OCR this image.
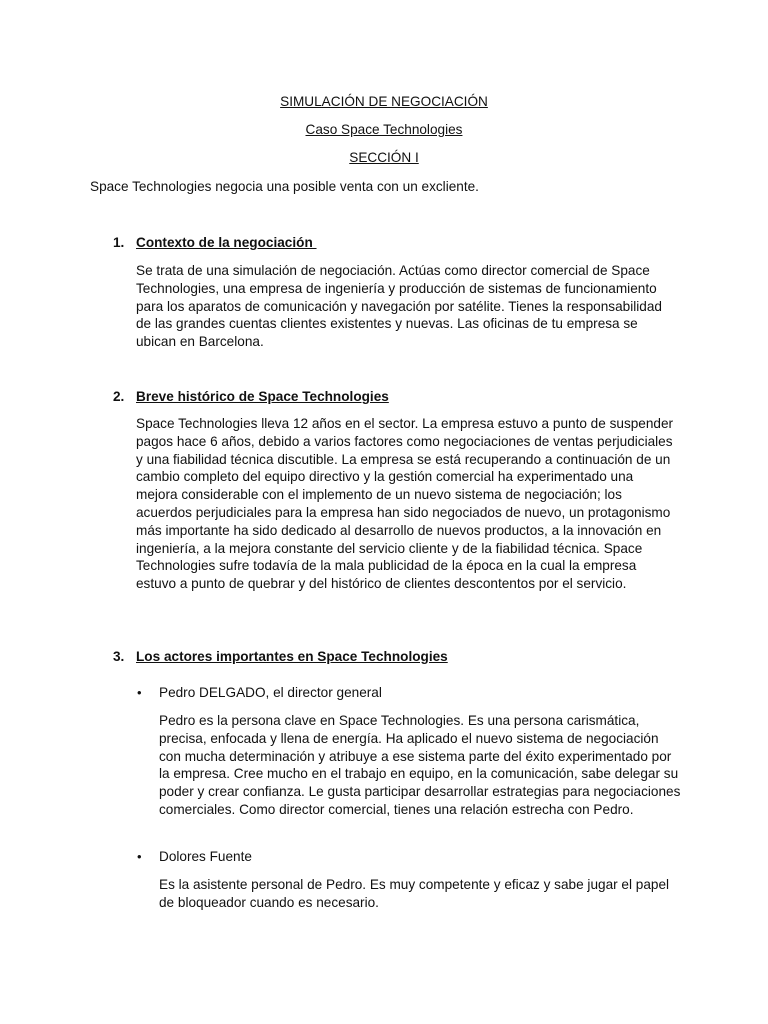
SIMULACIÓN DE NEGOCIACIÓN
Caso Space Technologies
SECCIÓN I
Space Technologies negocia una posible venta con un excliente.
1. Contexto de la negociación
Se trata de una simulación de negociación. Actúas como director comercial de Space Technologies, una empresa de ingeniería y producción de sistemas de funcionamiento para los aparatos de comunicación y navegación por satélite. Tienes la responsabilidad de las grandes cuentas clientes existentes y nuevas. Las oficinas de tu empresa se ubican en Barcelona.
2. Breve histórico de Space Technologies
Space Technologies lleva 12 años en el sector. La empresa estuvo a punto de suspender pagos hace 6 años, debido a varios factores como negociaciones de ventas perjudiciales y una fiabilidad técnica discutible. La empresa se está recuperando a continuación de un cambio completo del equipo directivo y la gestión comercial ha experimentado una mejora considerable con el implemento de un nuevo sistema de negociación; los acuerdos perjudiciales para la empresa han sido negociados de nuevo, un protagonismo más importante ha sido dedicado al desarrollo de nuevos productos, a la innovación en ingeniería, a la mejora constante del servicio cliente y de la fiabilidad técnica. Space Technologies sufre todavía de la mala publicidad de la época en la cual la empresa estuvo a punto de quebrar y del histórico de clientes descontentos por el servicio.
3. Los actores importantes en Space Technologies
• Pedro DELGADO, el director general
Pedro es la persona clave en Space Technologies. Es una persona carismática, precisa, enfocada y llena de energía. Ha aplicado el nuevo sistema de negociación con mucha determinación y atribuye a ese sistema parte del éxito experimentado por la empresa. Cree mucho en el trabajo en equipo, en la comunicación, sabe delegar su poder y crear confianza. Le gusta participar desarrollar estrategias para negociaciones comerciales. Como director comercial, tienes una relación estrecha con Pedro.
• Dolores Fuente
Es la asistente personal de Pedro. Es muy competente y eficaz y sabe jugar el papel de bloqueador cuando es necesario.
